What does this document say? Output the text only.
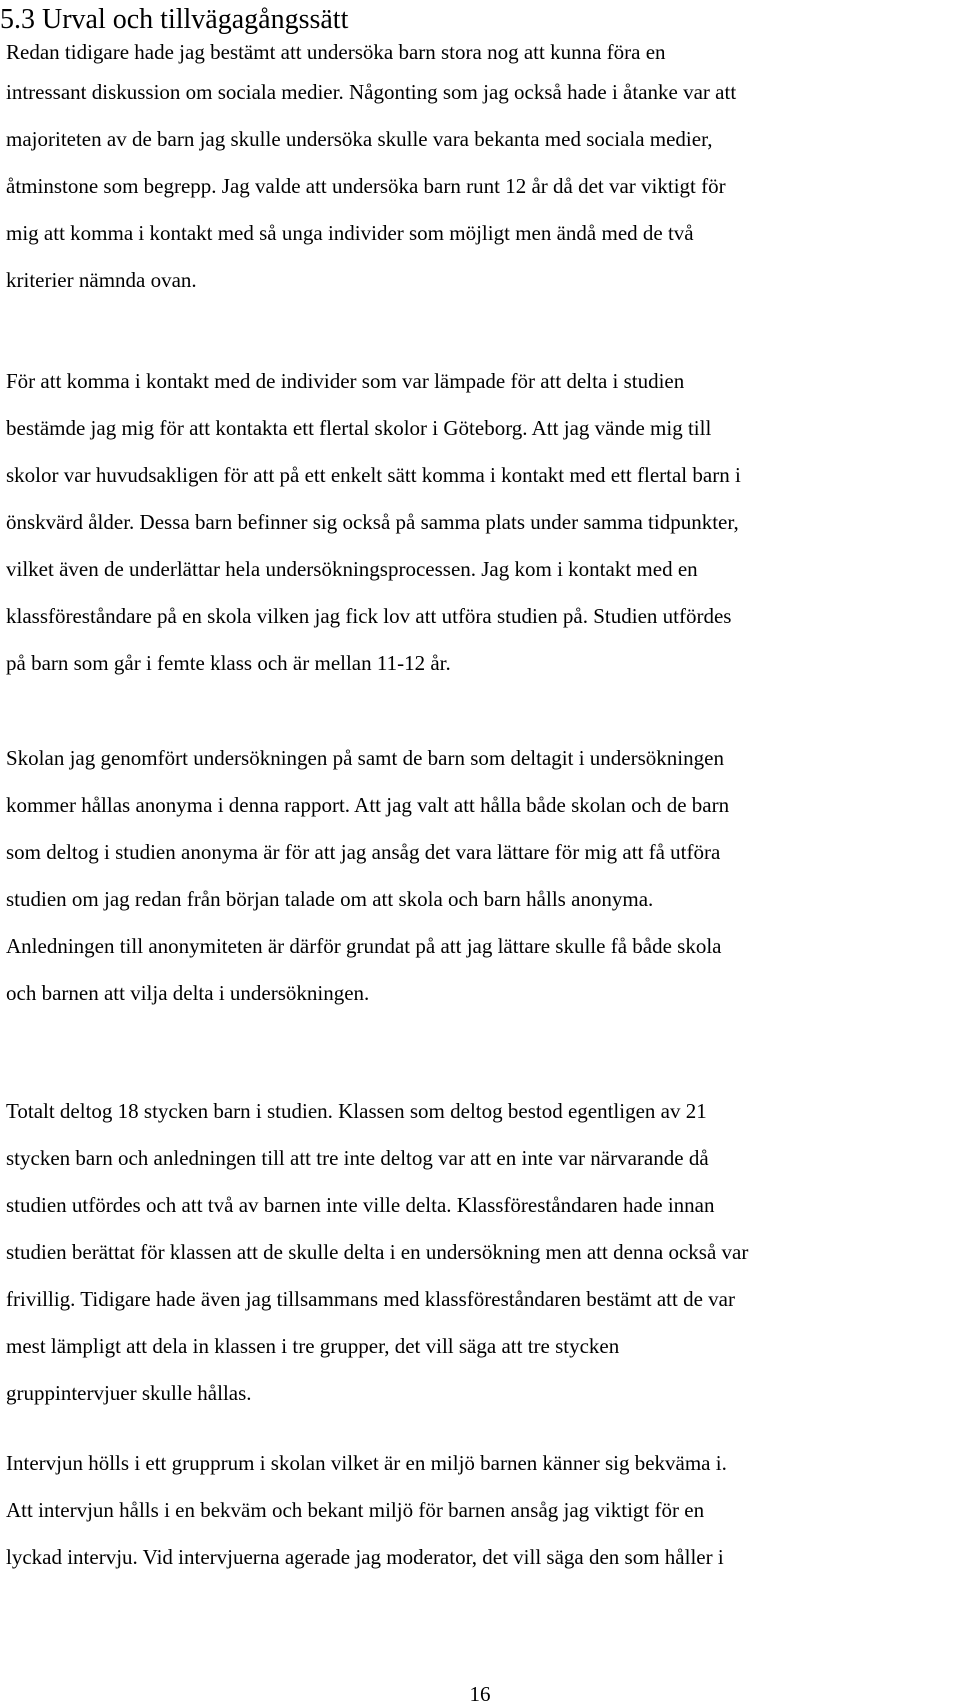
5.3 Urval och tillvägagångssätt
Redan tidigare hade jag bestämt att undersöka barn stora nog att kunna föra en
intressant diskussion om sociala medier. Någonting som jag också hade i åtanke var att
majoriteten av de barn jag skulle undersöka skulle vara bekanta med sociala medier,
åtminstone som begrepp. Jag valde att undersöka barn runt 12 år då det var viktigt för
mig att komma i kontakt med så unga individer som möjligt men ändå med de två
kriterier nämnda ovan.
För att komma i kontakt med de individer som var lämpade för att delta i studien
bestämde jag mig för att kontakta ett flertal skolor i Göteborg. Att jag vände mig till
skolor var huvudsakligen för att på ett enkelt sätt komma i kontakt med ett flertal barn i
önskvärd ålder. Dessa barn befinner sig också på samma plats under samma tidpunkter,
vilket även de underlättar hela undersökningsprocessen. Jag kom i kontakt med en
klassföreståndare på en skola vilken jag fick lov att utföra studien på. Studien utfördes
på barn som går i femte klass och är mellan 11-12 år.
Skolan jag genomfört undersökningen på samt de barn som deltagit i undersökningen
kommer hållas anonyma i denna rapport. Att jag valt att hålla både skolan och de barn
som deltog i studien anonyma är för att jag ansåg det vara lättare för mig att få utföra
studien om jag redan från början talade om att skola och barn hålls anonyma.
Anledningen till anonymiteten är därför grundat på att jag lättare skulle få både skola
och barnen att vilja delta i undersökningen.
Totalt deltog 18 stycken barn i studien. Klassen som deltog bestod egentligen av 21
stycken barn och anledningen till att tre inte deltog var att en inte var närvarande då
studien utfördes och att två av barnen inte ville delta. Klassföreståndaren hade innan
studien berättat för klassen att de skulle delta i en undersökning men att denna också var
frivillig. Tidigare hade även jag tillsammans med klassföreståndaren bestämt att de var
mest lämpligt att dela in klassen i tre grupper, det vill säga att tre stycken
gruppintervjuer skulle hållas.
Intervjun hölls i ett grupprum i skolan vilket är en miljö barnen känner sig bekväma i.
Att intervjun hålls i en bekväm och bekant miljö för barnen ansåg jag viktigt för en
lyckad intervju. Vid intervjuerna agerade jag moderator, det vill säga den som håller i
16
